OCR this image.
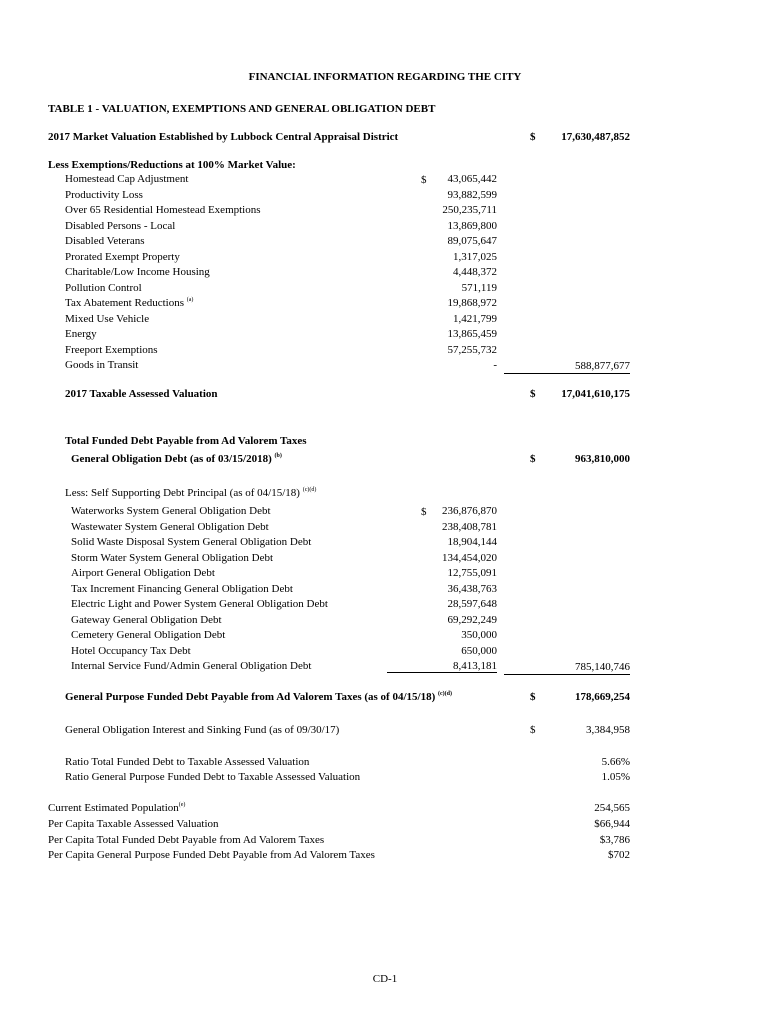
FINANCIAL INFORMATION REGARDING THE CITY
TABLE 1 - VALUATION, EXEMPTIONS AND GENERAL OBLIGATION DEBT
2017 Market Valuation Established by Lubbock Central Appraisal District	$	17,630,487,852
Less Exemptions/Reductions at 100% Market Value:
$
Homestead Cap Adjustment	43,065,442
Productivity Loss	93,882,599
Over 65 Residential Homestead Exemptions	250,235,711
Disabled Persons - Local	13,869,800
Disabled Veterans	89,075,647
Prorated Exempt Property	1,317,025
Charitable/Low Income Housing	4,448,372
Pollution Control	571,119
Tax Abatement Reductions $^{(a)}$	19,868,972
Mixed Use Vehicle	1,421,799
Energy	13,865,459
Freeport Exemptions	57,255,732
Goods in Transit	-	588,877,677
2017 Taxable Assessed Valuation	$	17,041,610,175
Total Funded Debt Payable from Ad Valorem Taxes
General Obligation Debt (as of 03/15/2018) $^{(b)}$	$	963,810,000
Less: Self Supporting Debt Principal (as of 04/15/18) $^{(c)(d)}$
$
Waterworks System General Obligation Debt	236,876,870
Wastewater System General Obligation Debt	238,408,781
Solid Waste Disposal System General Obligation Debt	18,904,144
Storm Water System General Obligation Debt	134,454,020
Airport General Obligation Debt	12,755,091
Tax Increment Financing General Obligation Debt	36,438,763
Electric Light and Power System General Obligation Debt	28,597,648
Gateway General Obligation Debt	69,292,249
Cemetery General Obligation Debt	350,000
Hotel Occupancy Tax Debt	650,000
Internal Service Fund/Admin General Obligation Debt	8,413,181	785,140,746
General Purpose Funded Debt Payable from Ad Valorem Taxes (as of 04/15/18) $^{(c)(d)}$	$	178,669,254
General Obligation Interest and Sinking Fund (as of 09/30/17)	$	3,384,958
Ratio Total Funded Debt to Taxable Assessed Valuation	5.66%
Ratio General Purpose Funded Debt to Taxable Assessed Valuation	1.05%
Current Estimated Population$^{(e)}$	254,565
Per Capita Taxable Assessed Valuation	$66,944
Per Capita Total Funded Debt Payable from Ad Valorem Taxes	$3,786
Per Capita General Purpose Funded Debt Payable from Ad Valorem Taxes	$702
CD-1
